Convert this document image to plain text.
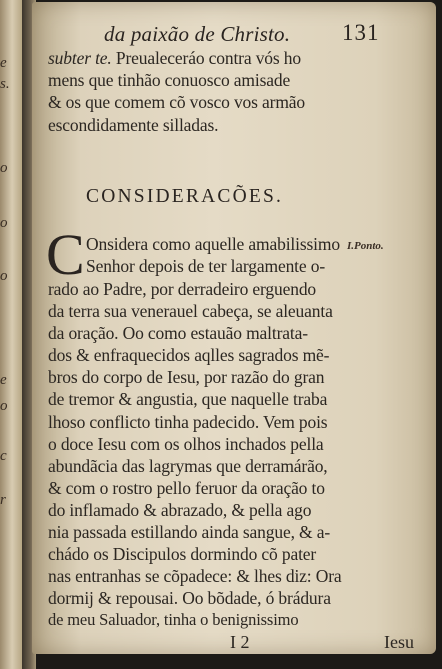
e
s.
o
o
o
e
o
c
r
da paixão de Christo.	131
subter te. Preualeceráo contra vós ho
mens que tinhão conuosco amisade
& os que comem cõ vosco vos armão
escondidamente silladas.
CONSIDERACÕES.
C	I.Ponto.
Onsidera como aquelle amabilissimo
Senhor depois de ter largamente o-
rado ao Padre, por derradeiro erguendo
da terra sua venerauel cabeça, se aleuanta
da oração. Oo como estauão maltrata-
dos & enfraquecidos aqlles sagrados mẽ-
bros do corpo de Iesu, por razão do gran
de tremor & angustia, que naquelle traba
lhoso conflicto tinha padecido. Vem pois
o doce Iesu com os olhos inchados pella
abundãcia das lagrymas que derramárão,
& com o rostro pello feruor da oração to
do inflamado & abrazado, & pella ago
nia passada estillando ainda sangue, & a-
chádo os Discipulos dormindo cõ pater
nas entranhas se cõpadece: & lhes diz: Ora
dormij & repousai. Oo bõdade, ó brádura
de meu Saluador, tinha o benignissimo
I 2	Iesu
